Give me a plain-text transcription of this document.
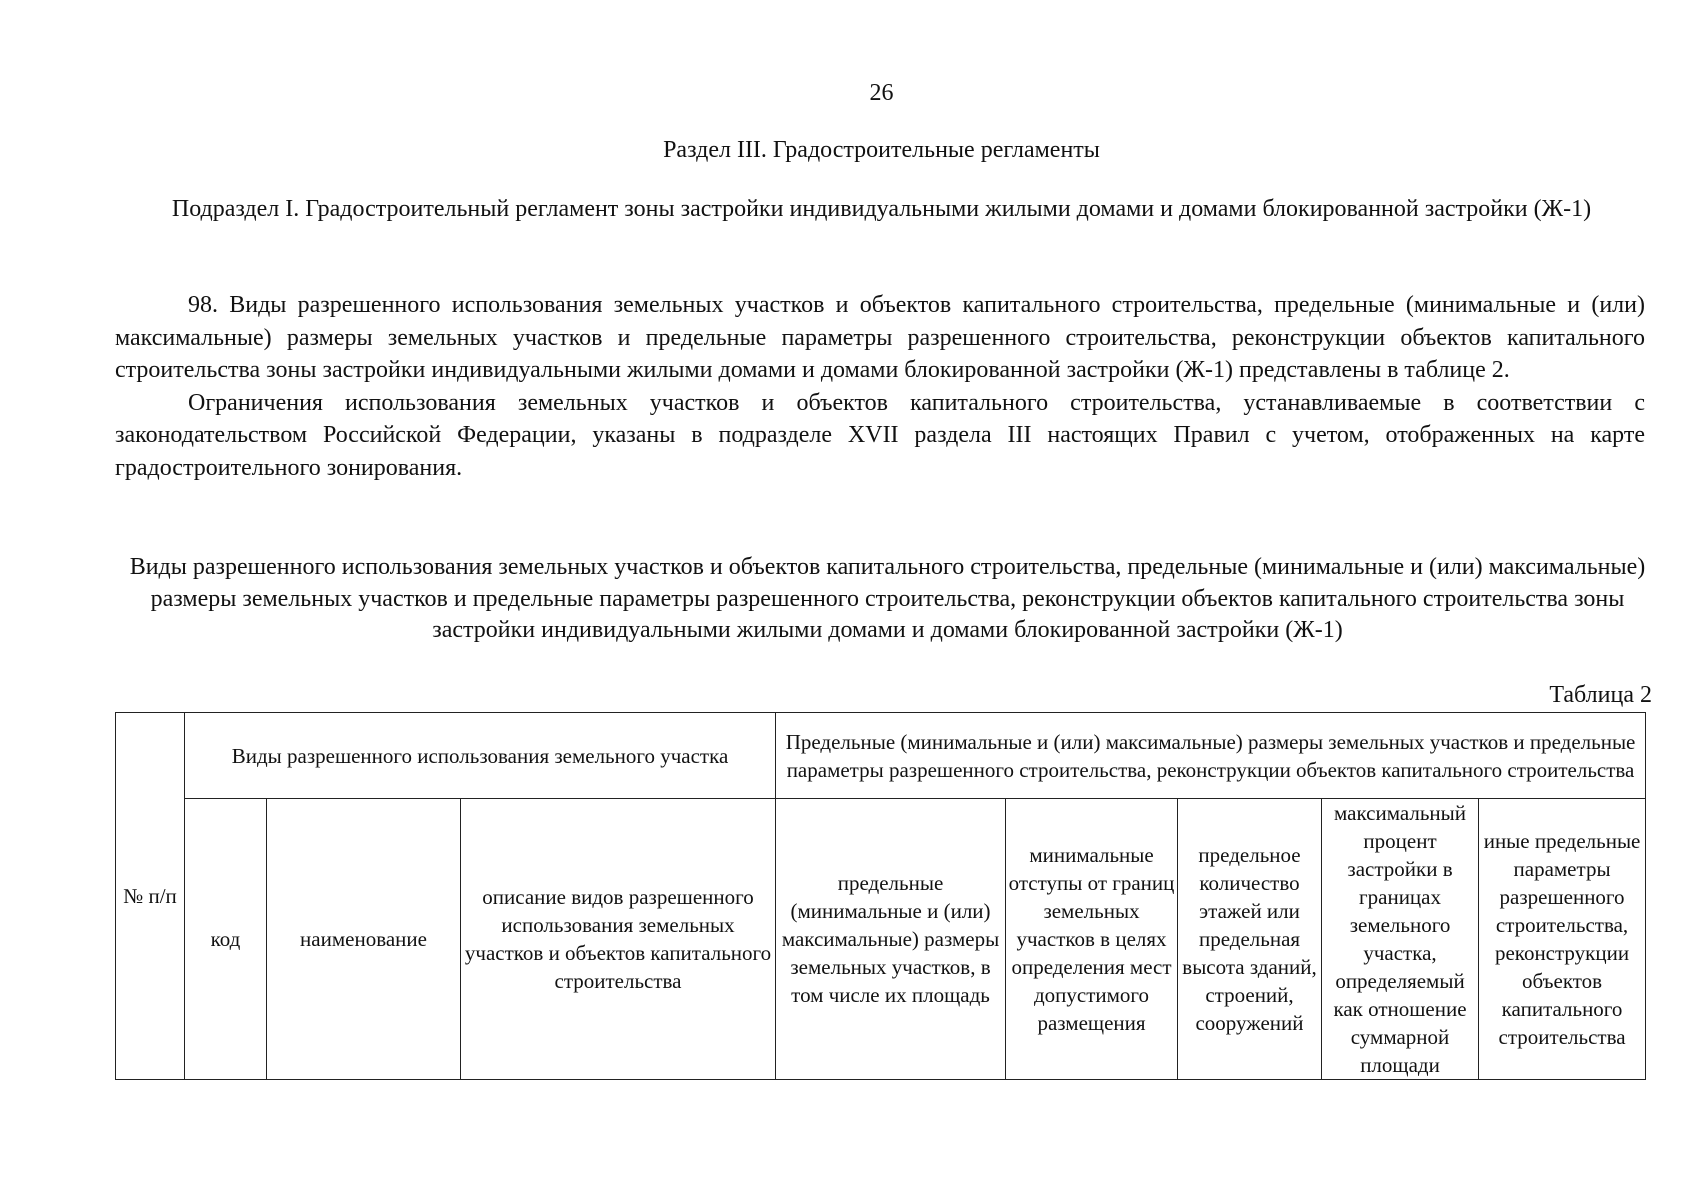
26
Раздел III. Градостроительные регламенты
Подраздел I. Градостроительный регламент зоны застройки индивидуальными жилыми домами и домами блокированной застройки (Ж-1)

98. Виды разрешенного использования земельных участков и объектов капитального строительства, предельные (минимальные и (или) максимальные) размеры земельных участков и предельные параметры разрешенного строительства, реконструкции объектов капитального строительства зоны застройки индивидуальными жилыми домами и домами блокированной застройки (Ж-1) представлены в таблице 2.

Ограничения использования земельных участков и объектов капитального строительства, устанавливаемые в соответствии с законодательством Российской Федерации, указаны в подразделе XVII раздела III настоящих Правил с учетом, отображенных на карте градостроительного зонирования.

Виды разрешенного использования земельных участков и объектов капитального строительства, предельные (минимальные и (или) максимальные) размеры земельных участков и предельные параметры разрешенного строительства, реконструкции объектов капитального строительства зоны застройки индивидуальными жилыми домами и домами блокированной застройки (Ж-1)
Таблица 2
№ п/п	Виды разрешенного использования земельного участка			Предельные (минимальные и (или) максимальные) размеры земельных участков и предельные параметры разрешенного строительства, реконструкции объектов капитального строительства				
	код	наименование	описание видов разрешенного использования земельных участков и объектов капитального строительства	предельные (минимальные и (или) максимальные) размеры земельных участков, в том числе их площадь	минимальные отступы от границ земельных участков в целях определения мест допустимого размещения	предельное количество этажей или предельная высота зданий, строений, сооружений	максимальный процент застройки в границах земельного участка, определяемый как отношение суммарной площади	иные предельные параметры разрешенного строительства, реконструкции объектов капитального строительства
